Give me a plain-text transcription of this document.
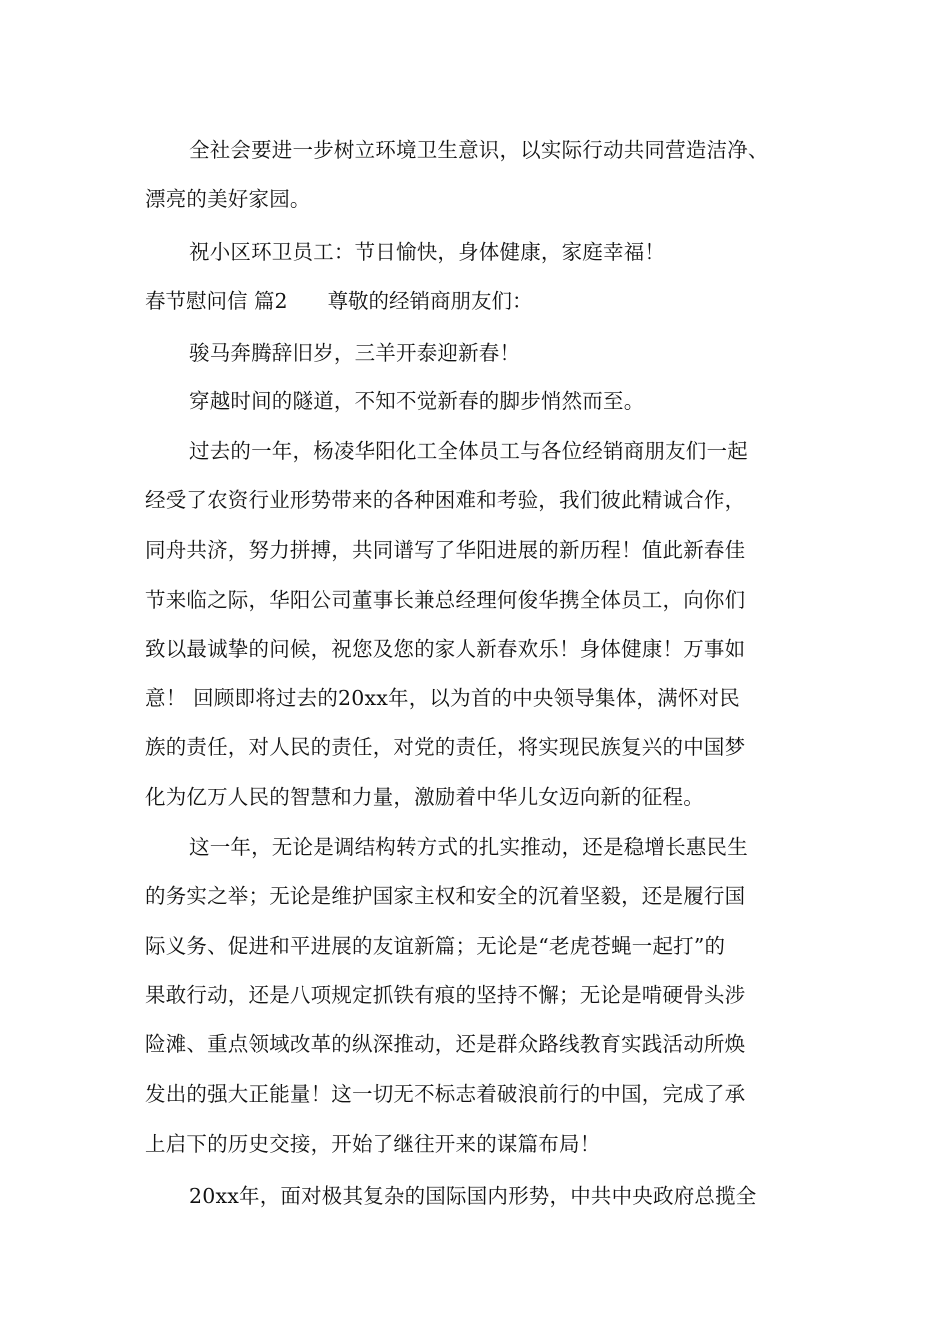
全社会要进一步树立环境卫生意识，以实际行动共同营造洁净、
漂亮的美好家园。
祝小区环卫员工：节日愉快，身体健康，家庭幸福！
春节慰问信 篇2 尊敬的经销商朋友们：
骏马奔腾辞旧岁，三羊开泰迎新春！
穿越时间的隧道，不知不觉新春的脚步悄然而至。
过去的一年，杨凌华阳化工全体员工与各位经销商朋友们一起
经受了农资行业形势带来的各种困难和考验，我们彼此精诚合作，
同舟共济，努力拼搏，共同谱写了华阳进展的新历程！值此新春佳
节来临之际，华阳公司董事长兼总经理何俊华携全体员工，向你们
致以最诚挚的问候，祝您及您的家人新春欢乐！身体健康！万事如
意！ 回顾即将过去的20xx年，以为首的中央领导集体，满怀对民
族的责任，对人民的责任，对党的责任，将实现民族复兴的中国梦
化为亿万人民的智慧和力量，激励着中华儿女迈向新的征程。
这一年，无论是调结构转方式的扎实推动，还是稳增长惠民生
的务实之举；无论是维护国家主权和安全的沉着坚毅，还是履行国
际义务、促进和平进展的友谊新篇；无论是“老虎苍蝇一起打”的
果敢行动，还是八项规定抓铁有痕的坚持不懈；无论是啃硬骨头涉
险滩、重点领域改革的纵深推动，还是群众路线教育实践活动所焕
发出的强大正能量！这一切无不标志着破浪前行的中国，完成了承
上启下的历史交接，开始了继往开来的谋篇布局！
20xx年，面对极其复杂的国际国内形势，中共中央政府总揽全
